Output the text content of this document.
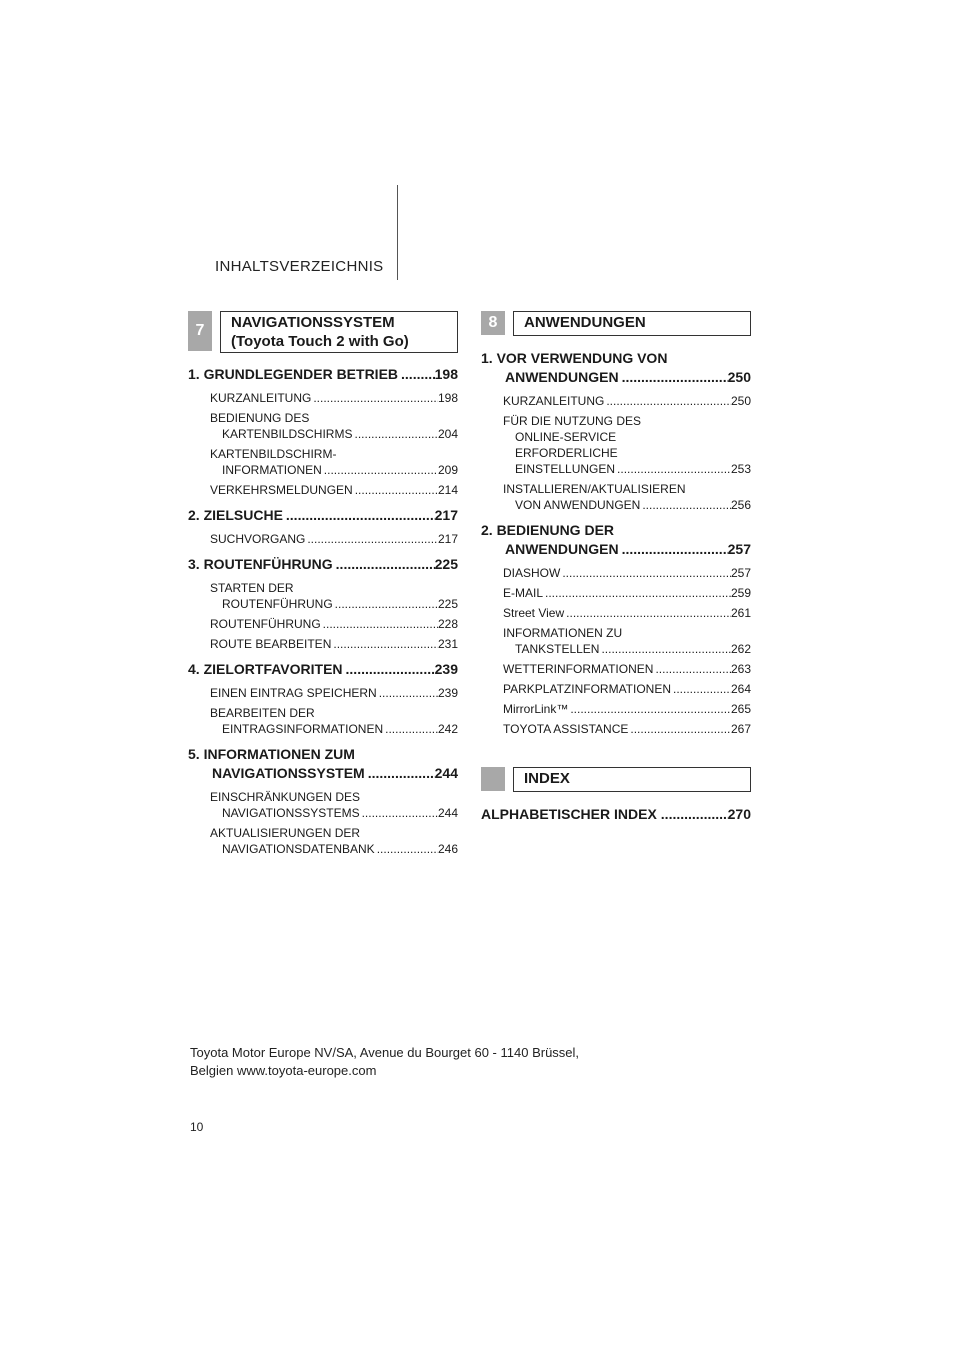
INHALTSVERZEICHNIS
7	NAVIGATIONSSYSTEM
(Toyota Touch 2 with Go)
1. GRUNDLEGENDER BETRIEB .....	198
KURZANLEITUNG .....	198
BEDIENUNG DES
KARTENBILDSCHIRMS .....	204
KARTENBILDSCHIRM-
INFORMATIONEN .....	209
VERKEHRSMELDUNGEN .....	214
2. ZIELSUCHE .....	217
SUCHVORGANG .....	217
3. ROUTENFÜHRUNG .....	225
STARTEN DER
ROUTENFÜHRUNG .....	225
ROUTENFÜHRUNG .....	228
ROUTE BEARBEITEN .....	231
4. ZIELORTFAVORITEN .....	239
EINEN EINTRAG SPEICHERN .....	239
BEARBEITEN DER
EINTRAGSINFORMATIONEN .....	242
5. INFORMATIONEN ZUM
NAVIGATIONSSYSTEM .....	244
EINSCHRÄNKUNGEN DES
NAVIGATIONSSYSTEMS .....	244
AKTUALISIERUNGEN DER
NAVIGATIONSDATENBANK .....	246
8	ANWENDUNGEN
1. VOR VERWENDUNG VON
ANWENDUNGEN .....	250
KURZANLEITUNG .....	250
FÜR DIE NUTZUNG DES
ONLINE-SERVICE
ERFORDERLICHE
EINSTELLUNGEN .....	253
INSTALLIEREN/AKTUALISIEREN
VON ANWENDUNGEN .....	256
2. BEDIENUNG DER
ANWENDUNGEN .....	257
DIASHOW .....	257
E-MAIL .....	259
Street View .....	261
INFORMATIONEN ZU
TANKSTELLEN .....	262
WETTERINFORMATIONEN .....	263
PARKPLATZINFORMATIONEN .....	264
MirrorLink™ .....	265
TOYOTA ASSISTANCE .....	267
INDEX
ALPHABETISCHER INDEX .....	270
Toyota Motor Europe NV/SA, Avenue du Bourget 60 - 1140 Brüssel,
Belgien www.toyota-europe.com
10
